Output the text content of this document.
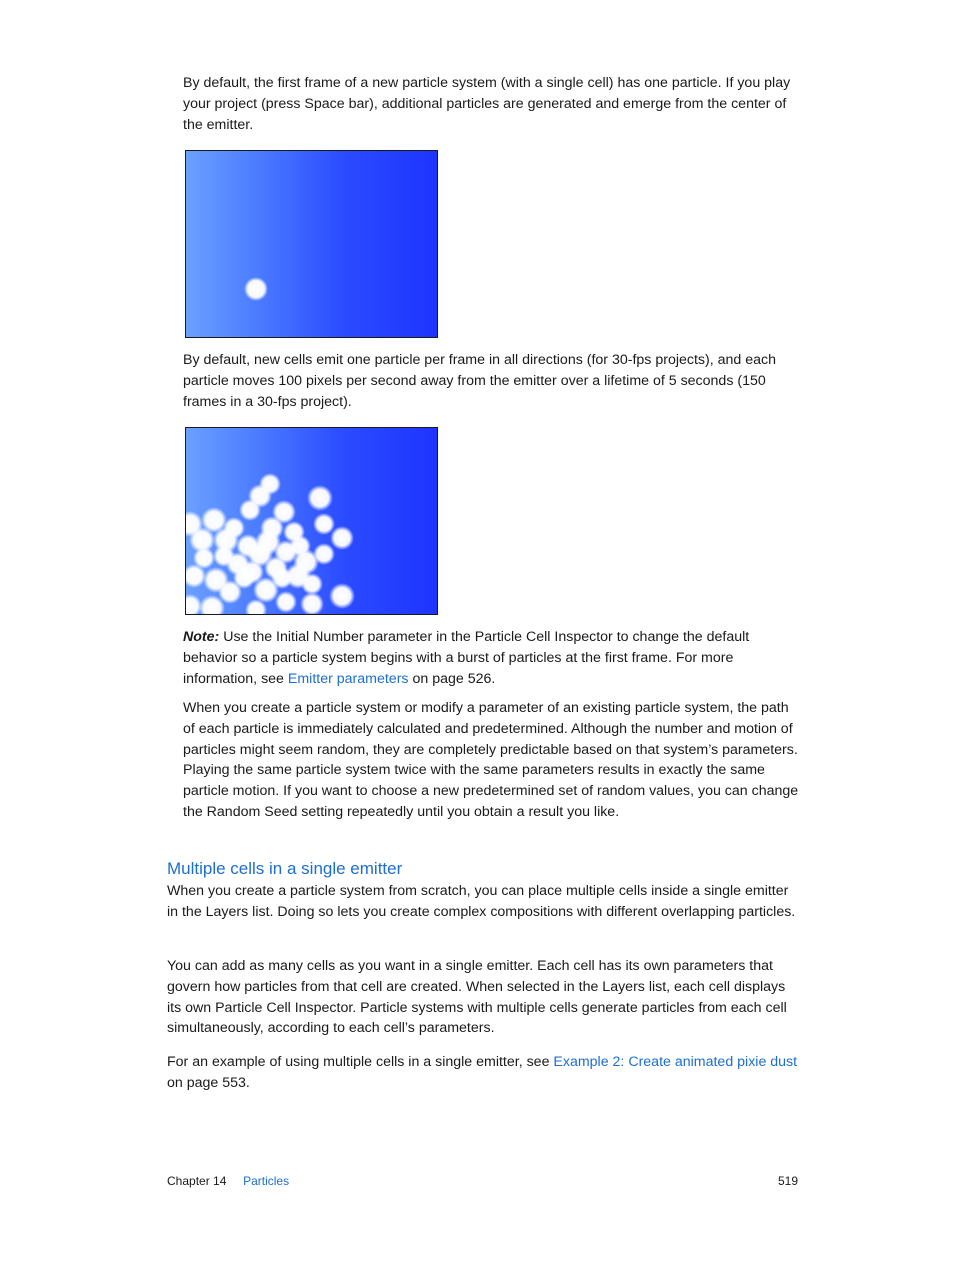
By default, the first frame of a new particle system (with a single cell) has one particle. If you play your project (press Space bar), additional particles are generated and emerge from the center of the emitter.

By default, new cells emit one particle per frame in all directions (for 30-fps projects), and each particle moves 100 pixels per second away from the emitter over a lifetime of 5 seconds (150 frames in a 30-fps project).

Note: Use the Initial Number parameter in the Particle Cell Inspector to change the default behavior so a particle system begins with a burst of particles at the first frame. For more information, see Emitter parameters on page 526.

When you create a particle system or modify a parameter of an existing particle system, the path of each particle is immediately calculated and predetermined. Although the number and motion of particles might seem random, they are completely predictable based on that system’s parameters. Playing the same particle system twice with the same parameters results in exactly the same particle motion. If you want to choose a new predetermined set of random values, you can change the Random Seed setting repeatedly until you obtain a result you like.

Multiple cells in a single emitter

When you create a particle system from scratch, you can place multiple cells inside a single emitter in the Layers list. Doing so lets you create complex compositions with different overlapping particles.

You can add as many cells as you want in a single emitter. Each cell has its own parameters that govern how particles from that cell are created. When selected in the Layers list, each cell displays its own Particle Cell Inspector. Particle systems with multiple cells generate particles from each cell simultaneously, according to each cell’s parameters.

For an example of using multiple cells in a single emitter, see Example 2: Create animated pixie dust on page 553.

Chapter 14 Particles	519
